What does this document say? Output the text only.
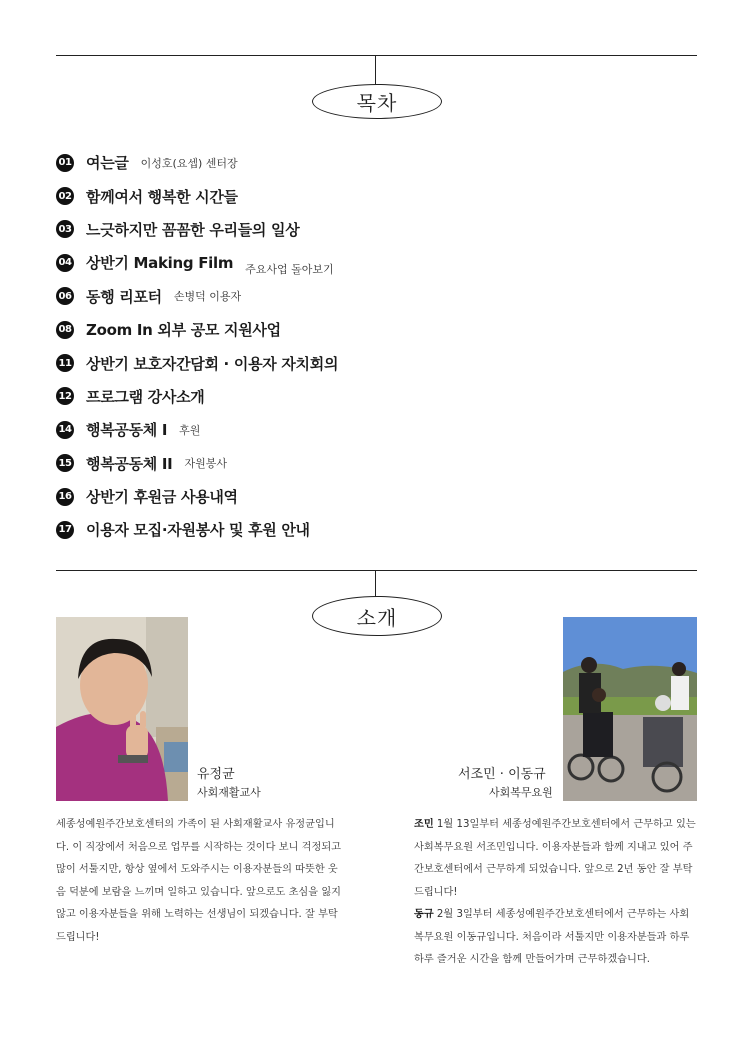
목차
01 여는글 이성호(요셉) 센터장
02 함께여서 행복한 시간들
03 느긋하지만 꼼꼼한 우리들의 일상
04 상반기 Making Film 주요사업 돌아보기
06 동행 리포터 손병덕 이용자
08 Zoom In 외부 공모 지원사업
11 상반기 보호자간담회 · 이용자 자치회의
12 프로그램 강사소개
14 행복공동체 I 후원
15 행복공동체 II 자원봉사
16 상반기 후원금 사용내역
17 이용자 모집·자원봉사 및 후원 안내
소개
유정균
사회재활교사

세종성예원주간보호센터의 가족이 된 사회재활교사 유정균입니다. 이 직장에서 처음으로 업무를 시작하는 것이다 보니 걱정되고 많이 서툴지만, 항상 옆에서 도와주시는 이용자분들의 따뜻한 웃음 덕분에 보람을 느끼며 일하고 있습니다. 앞으로도 초심을 잃지 않고 이용자분들을 위해 노력하는 선생님이 되겠습니다. 잘 부탁드립니다!

서조민 · 이동규
사회복무요원

조민 1월 13일부터 세종성예원주간보호센터에서 근무하고 있는 사회복무요원 서조민입니다. 이용자분들과 함께 지내고 있어 주간보호센터에서 근무하게 되었습니다. 앞으로 2년 동안 잘 부탁드립니다!

동규 2월 3일부터 세종성예원주간보호센터에서 근무하는 사회복무요원 이동규입니다. 처음이라 서툴지만 이용자분들과 하루하루 즐거운 시간을 함께 만들어가며 근무하겠습니다.
